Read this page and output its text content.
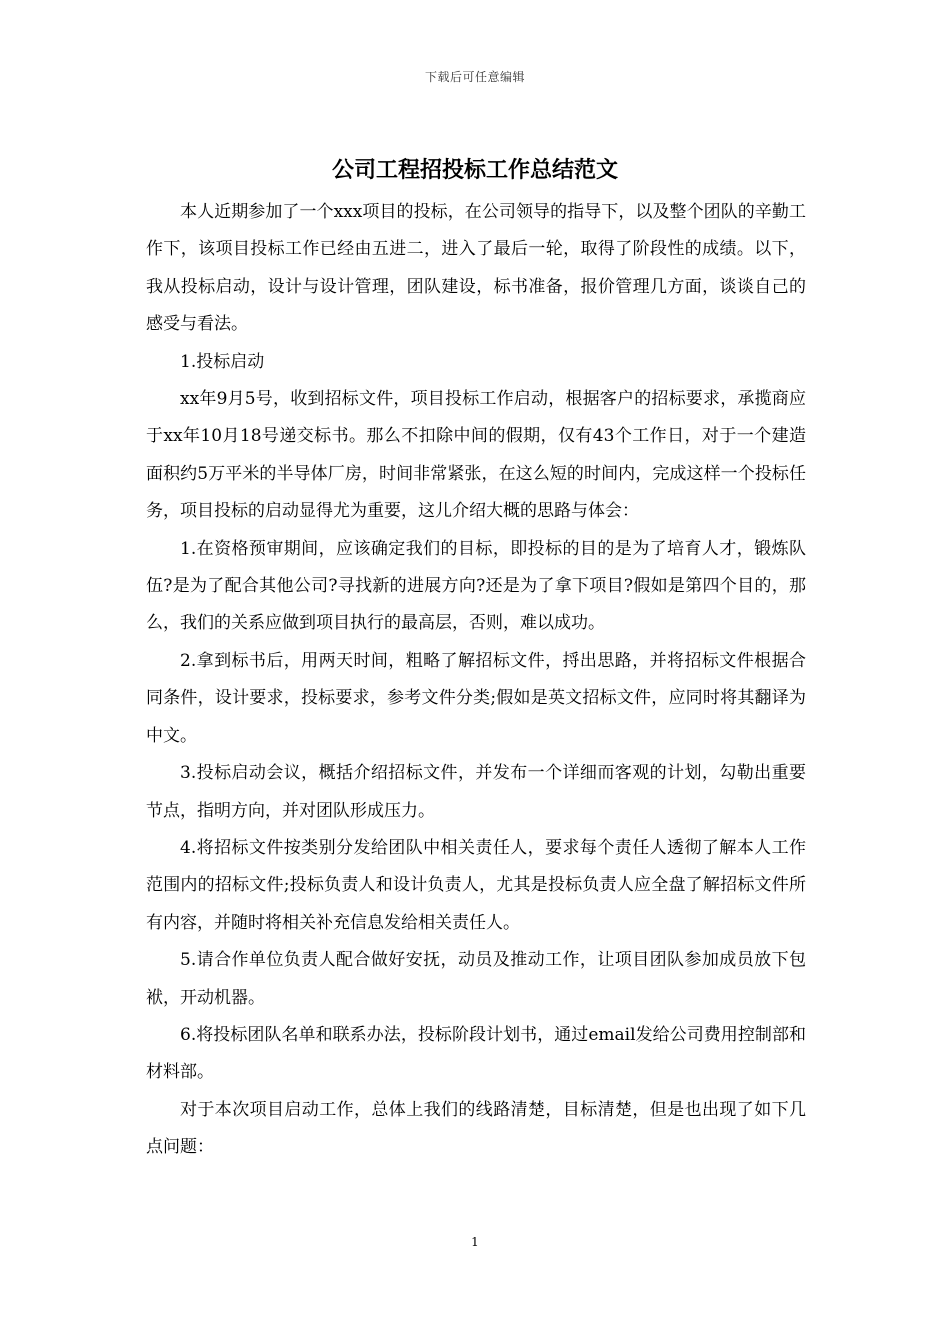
下载后可任意编辑
公司工程招投标工作总结范文

本人近期参加了一个xxx项目的投标，在公司领导的指导下，以及整个团队的辛勤工作下，该项目投标工作已经由五进二，进入了最后一轮，取得了阶段性的成绩。以下，我从投标启动，设计与设计管理，团队建设，标书准备，报价管理几方面，谈谈自己的感受与看法。

1.投标启动

xx年9月5号，收到招标文件，项目投标工作启动，根据客户的招标要求，承揽商应于xx年10月18号递交标书。那么不扣除中间的假期，仅有43个工作日，对于一个建造面积约5万平米的半导体厂房，时间非常紧张，在这么短的时间内，完成这样一个投标任务，项目投标的启动显得尤为重要，这儿介绍大概的思路与体会：

1.在资格预审期间，应该确定我们的目标，即投标的目的是为了培育人才，锻炼队伍?是为了配合其他公司?寻找新的进展方向?还是为了拿下项目?假如是第四个目的，那么，我们的关系应做到项目执行的最高层，否则，难以成功。

2.拿到标书后，用两天时间，粗略了解招标文件，捋出思路，并将招标文件根据合同条件，设计要求，投标要求，参考文件分类;假如是英文招标文件，应同时将其翻译为中文。

3.投标启动会议，概括介绍招标文件，并发布一个详细而客观的计划，勾勒出重要节点，指明方向，并对团队形成压力。

4.将招标文件按类别分发给团队中相关责任人，要求每个责任人透彻了解本人工作范围内的招标文件;投标负责人和设计负责人，尤其是投标负责人应全盘了解招标文件所有内容，并随时将相关补充信息发给相关责任人。

5.请合作单位负责人配合做好安抚，动员及推动工作，让项目团队参加成员放下包袱，开动机器。

6.将投标团队名单和联系办法，投标阶段计划书，通过email发给公司费用控制部和材料部。

对于本次项目启动工作，总体上我们的线路清楚，目标清楚，但是也出现了如下几点问题：

1
